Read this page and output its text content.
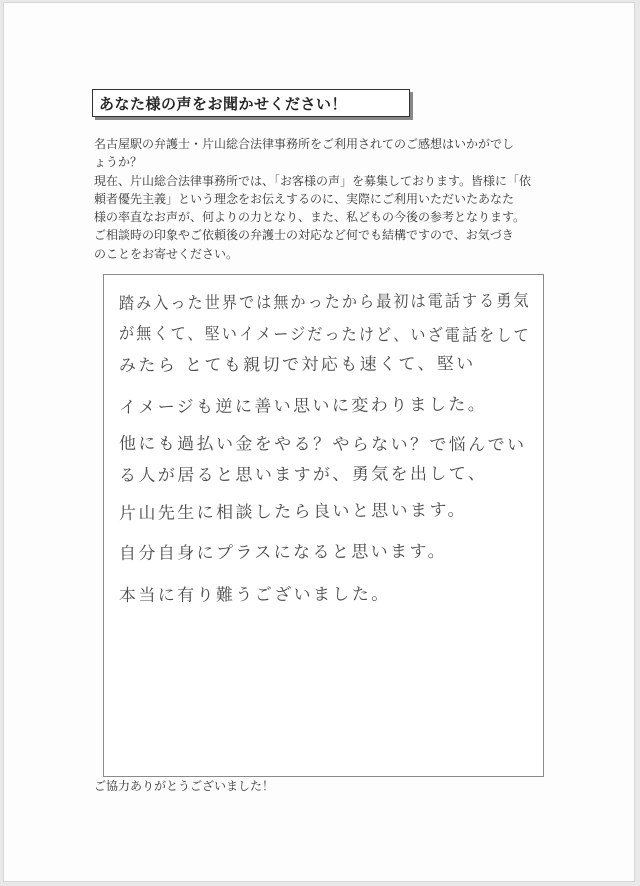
あなた様の声をお聞かせください！

名古屋駅の弁護士・片山総合法律事務所をご利用されてのご感想はいかがでし

ょうか？

現在、片山総合法律事務所では、「お客様の声」を募集しております。皆様に「依

頼者優先主義」という理念をお伝えするのに、実際にご利用いただいたあなた

様の率直なお声が、何よりの力となり、また、私どもの今後の参考となります。

ご相談時の印象やご依頼後の弁護士の対応など何でも結構ですので、お気づき

のことをお寄せください。

踏み入った世界では無かったから最初は電話する勇気
が無くて、堅いイメージだったけど、いざ電話をして
みたら とても親切で対応も速くて、堅い
イメージも逆に善い思いに変わりました。
他にも過払い金をやる？やらない？で悩んでい
る人が居ると思いますが、勇気を出して、
片山先生に相談したら良いと思います。
自分自身にプラスになると思います。
本当に有り難うございました。
ご協力ありがとうございました！
